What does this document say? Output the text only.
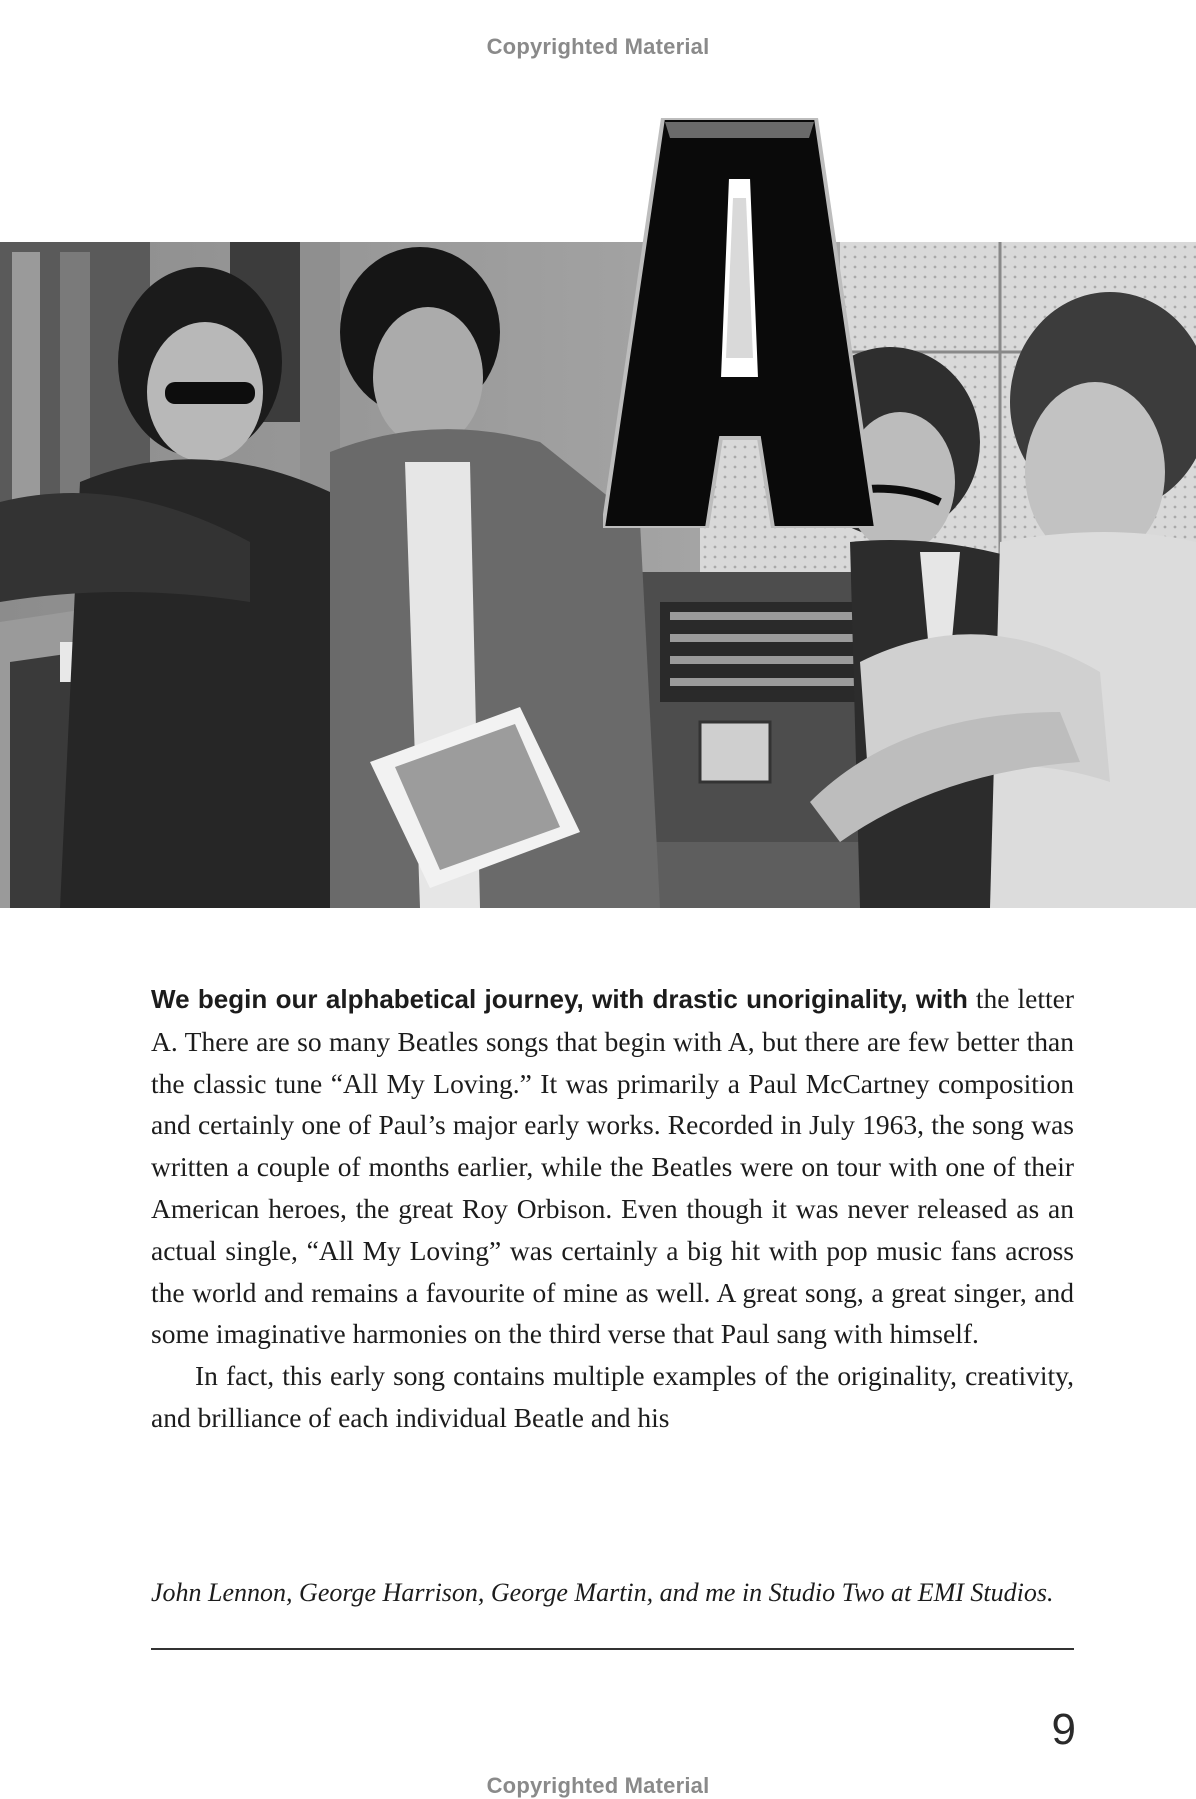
Copyrighted Material

We begin our alphabetical journey, with drastic unoriginality, with the letter A. There are so many Beatles songs that begin with A, but there are few better than the classic tune “All My Loving.” It was primarily a Paul McCartney composition and certainly one of Paul’s major early works. Recorded in July 1963, the song was written a couple of months earlier, while the Beatles were on tour with one of their American heroes, the great Roy Orbison. Even though it was never released as an actual single, “All My Loving” was certainly a big hit with pop music fans across the world and remains a favourite of mine as well. A great song, a great singer, and some imaginative harmonies on the third verse that Paul sang with himself.

In fact, this early song contains multiple examples of the originality, creativity, and brilliance of each individual Beatle and his

John Lennon, George Harrison, George Martin, and me in Studio Two at EMI Studios.
9
Copyrighted Material
